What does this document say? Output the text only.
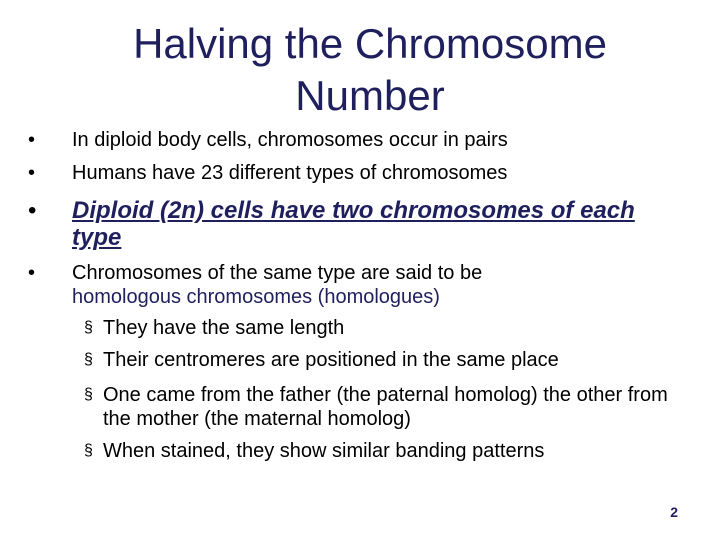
Halving the Chromosome
Number
• In diploid body cells, chromosomes occur in pairs
• Humans have 23 different types of chromosomes
• Diploid (2n) cells have two chromosomes of each type
• Chromosomes of the same type are said to be
homologous chromosomes (homologues)
§ They have the same length
§ Their centromeres are positioned in the same place
§ One came from the father (the paternal homolog) the other from the mother (the maternal homolog)
§ When stained, they show similar banding patterns
2
